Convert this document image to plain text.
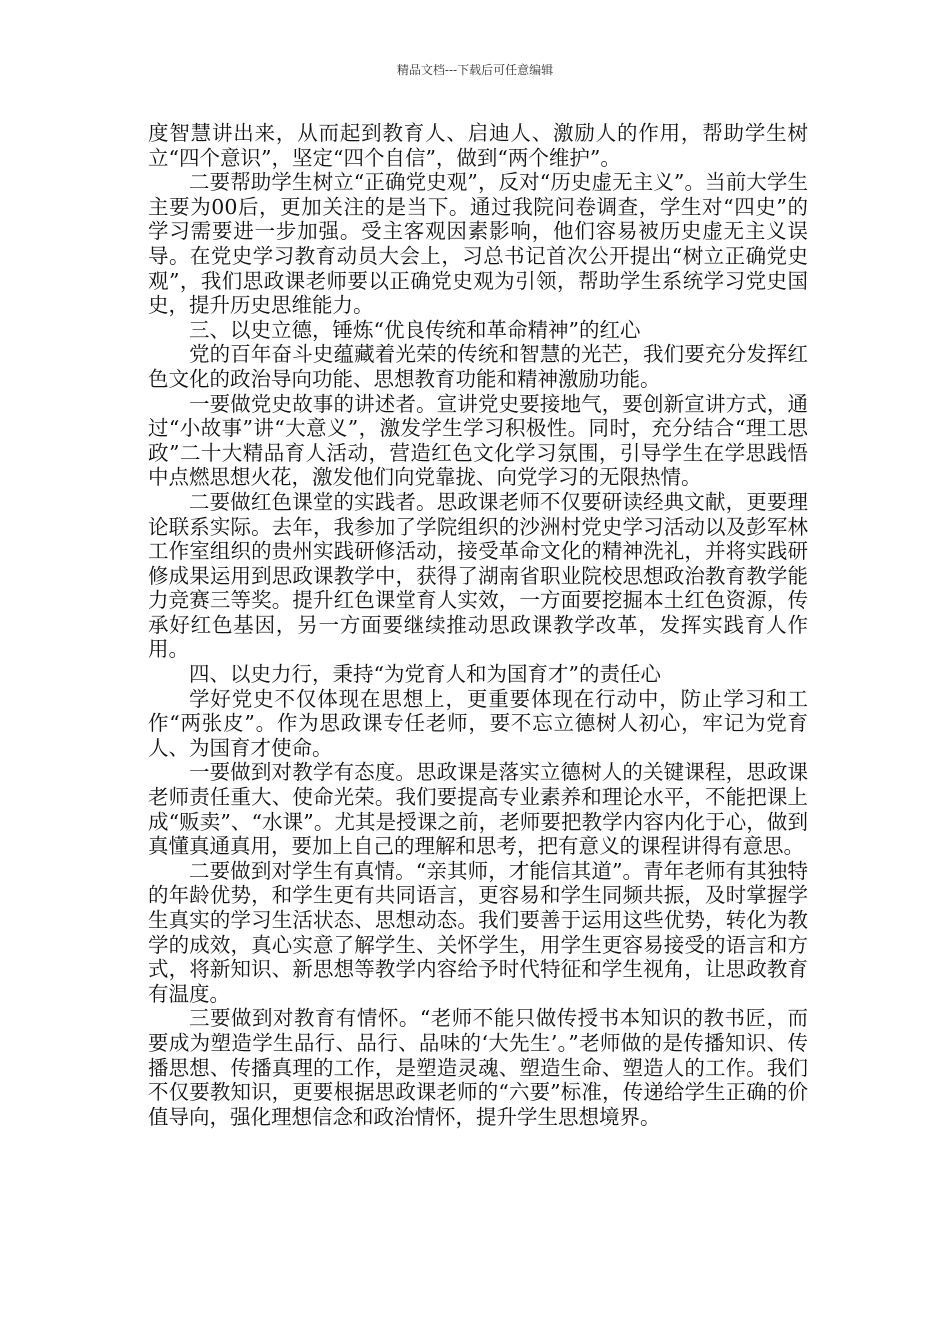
精品文档---下载后可任意编辑

度智慧讲出来，从而起到教育人、启迪人、激励人的作用，帮助学生树立“四个意识”，坚定“四个自信”，做到“两个维护”。

二要帮助学生树立“正确党史观”，反对“历史虚无主义”。当前大学生主要为00后，更加关注的是当下。通过我院问卷调查，学生对“四史”的学习需要进一步加强。受主客观因素影响，他们容易被历史虚无主义误导。在党史学习教育动员大会上，习总书记首次公开提出“树立正确党史观”，我们思政课老师要以正确党史观为引领，帮助学生系统学习党史国史，提升历史思维能力。

三、以史立德，锤炼“优良传统和革命精神”的红心

党的百年奋斗史蕴藏着光荣的传统和智慧的光芒，我们要充分发挥红色文化的政治导向功能、思想教育功能和精神激励功能。

一要做党史故事的讲述者。宣讲党史要接地气，要创新宣讲方式，通过“小故事”讲“大意义”，激发学生学习积极性。同时，充分结合“理工思政”二十大精品育人活动，营造红色文化学习氛围，引导学生在学思践悟中点燃思想火花，激发他们向党靠拢、向党学习的无限热情。

二要做红色课堂的实践者。思政课老师不仅要研读经典文献，更要理论联系实际。去年，我参加了学院组织的沙洲村党史学习活动以及彭军林工作室组织的贵州实践研修活动，接受革命文化的精神洗礼，并将实践研修成果运用到思政课教学中，获得了湖南省职业院校思想政治教育教学能力竞赛三等奖。提升红色课堂育人实效，一方面要挖掘本土红色资源，传承好红色基因，另一方面要继续推动思政课教学改革，发挥实践育人作用。

四、以史力行，秉持“为党育人和为国育才”的责任心

学好党史不仅体现在思想上，更重要体现在行动中，防止学习和工作“两张皮”。作为思政课专任老师，要不忘立德树人初心，牢记为党育人、为国育才使命。

一要做到对教学有态度。思政课是落实立德树人的关键课程，思政课老师责任重大、使命光荣。我们要提高专业素养和理论水平，不能把课上成“贩卖”、“水课”。尤其是授课之前，老师要把教学内容内化于心，做到真懂真通真用，要加上自己的理解和思考，把有意义的课程讲得有意思。

二要做到对学生有真情。“亲其师，才能信其道”。青年老师有其独特的年龄优势，和学生更有共同语言，更容易和学生同频共振，及时掌握学生真实的学习生活状态、思想动态。我们要善于运用这些优势，转化为教学的成效，真心实意了解学生、关怀学生，用学生更容易接受的语言和方式，将新知识、新思想等教学内容给予时代特征和学生视角，让思政教育有温度。

三要做到对教育有情怀。“老师不能只做传授书本知识的教书匠，而要成为塑造学生品行、品行、品味的‘大先生’。”老师做的是传播知识、传播思想、传播真理的工作，是塑造灵魂、塑造生命、塑造人的工作。我们不仅要教知识，更要根据思政课老师的“六要”标准，传递给学生正确的价值导向，强化理想信念和政治情怀，提升学生思想境界。
